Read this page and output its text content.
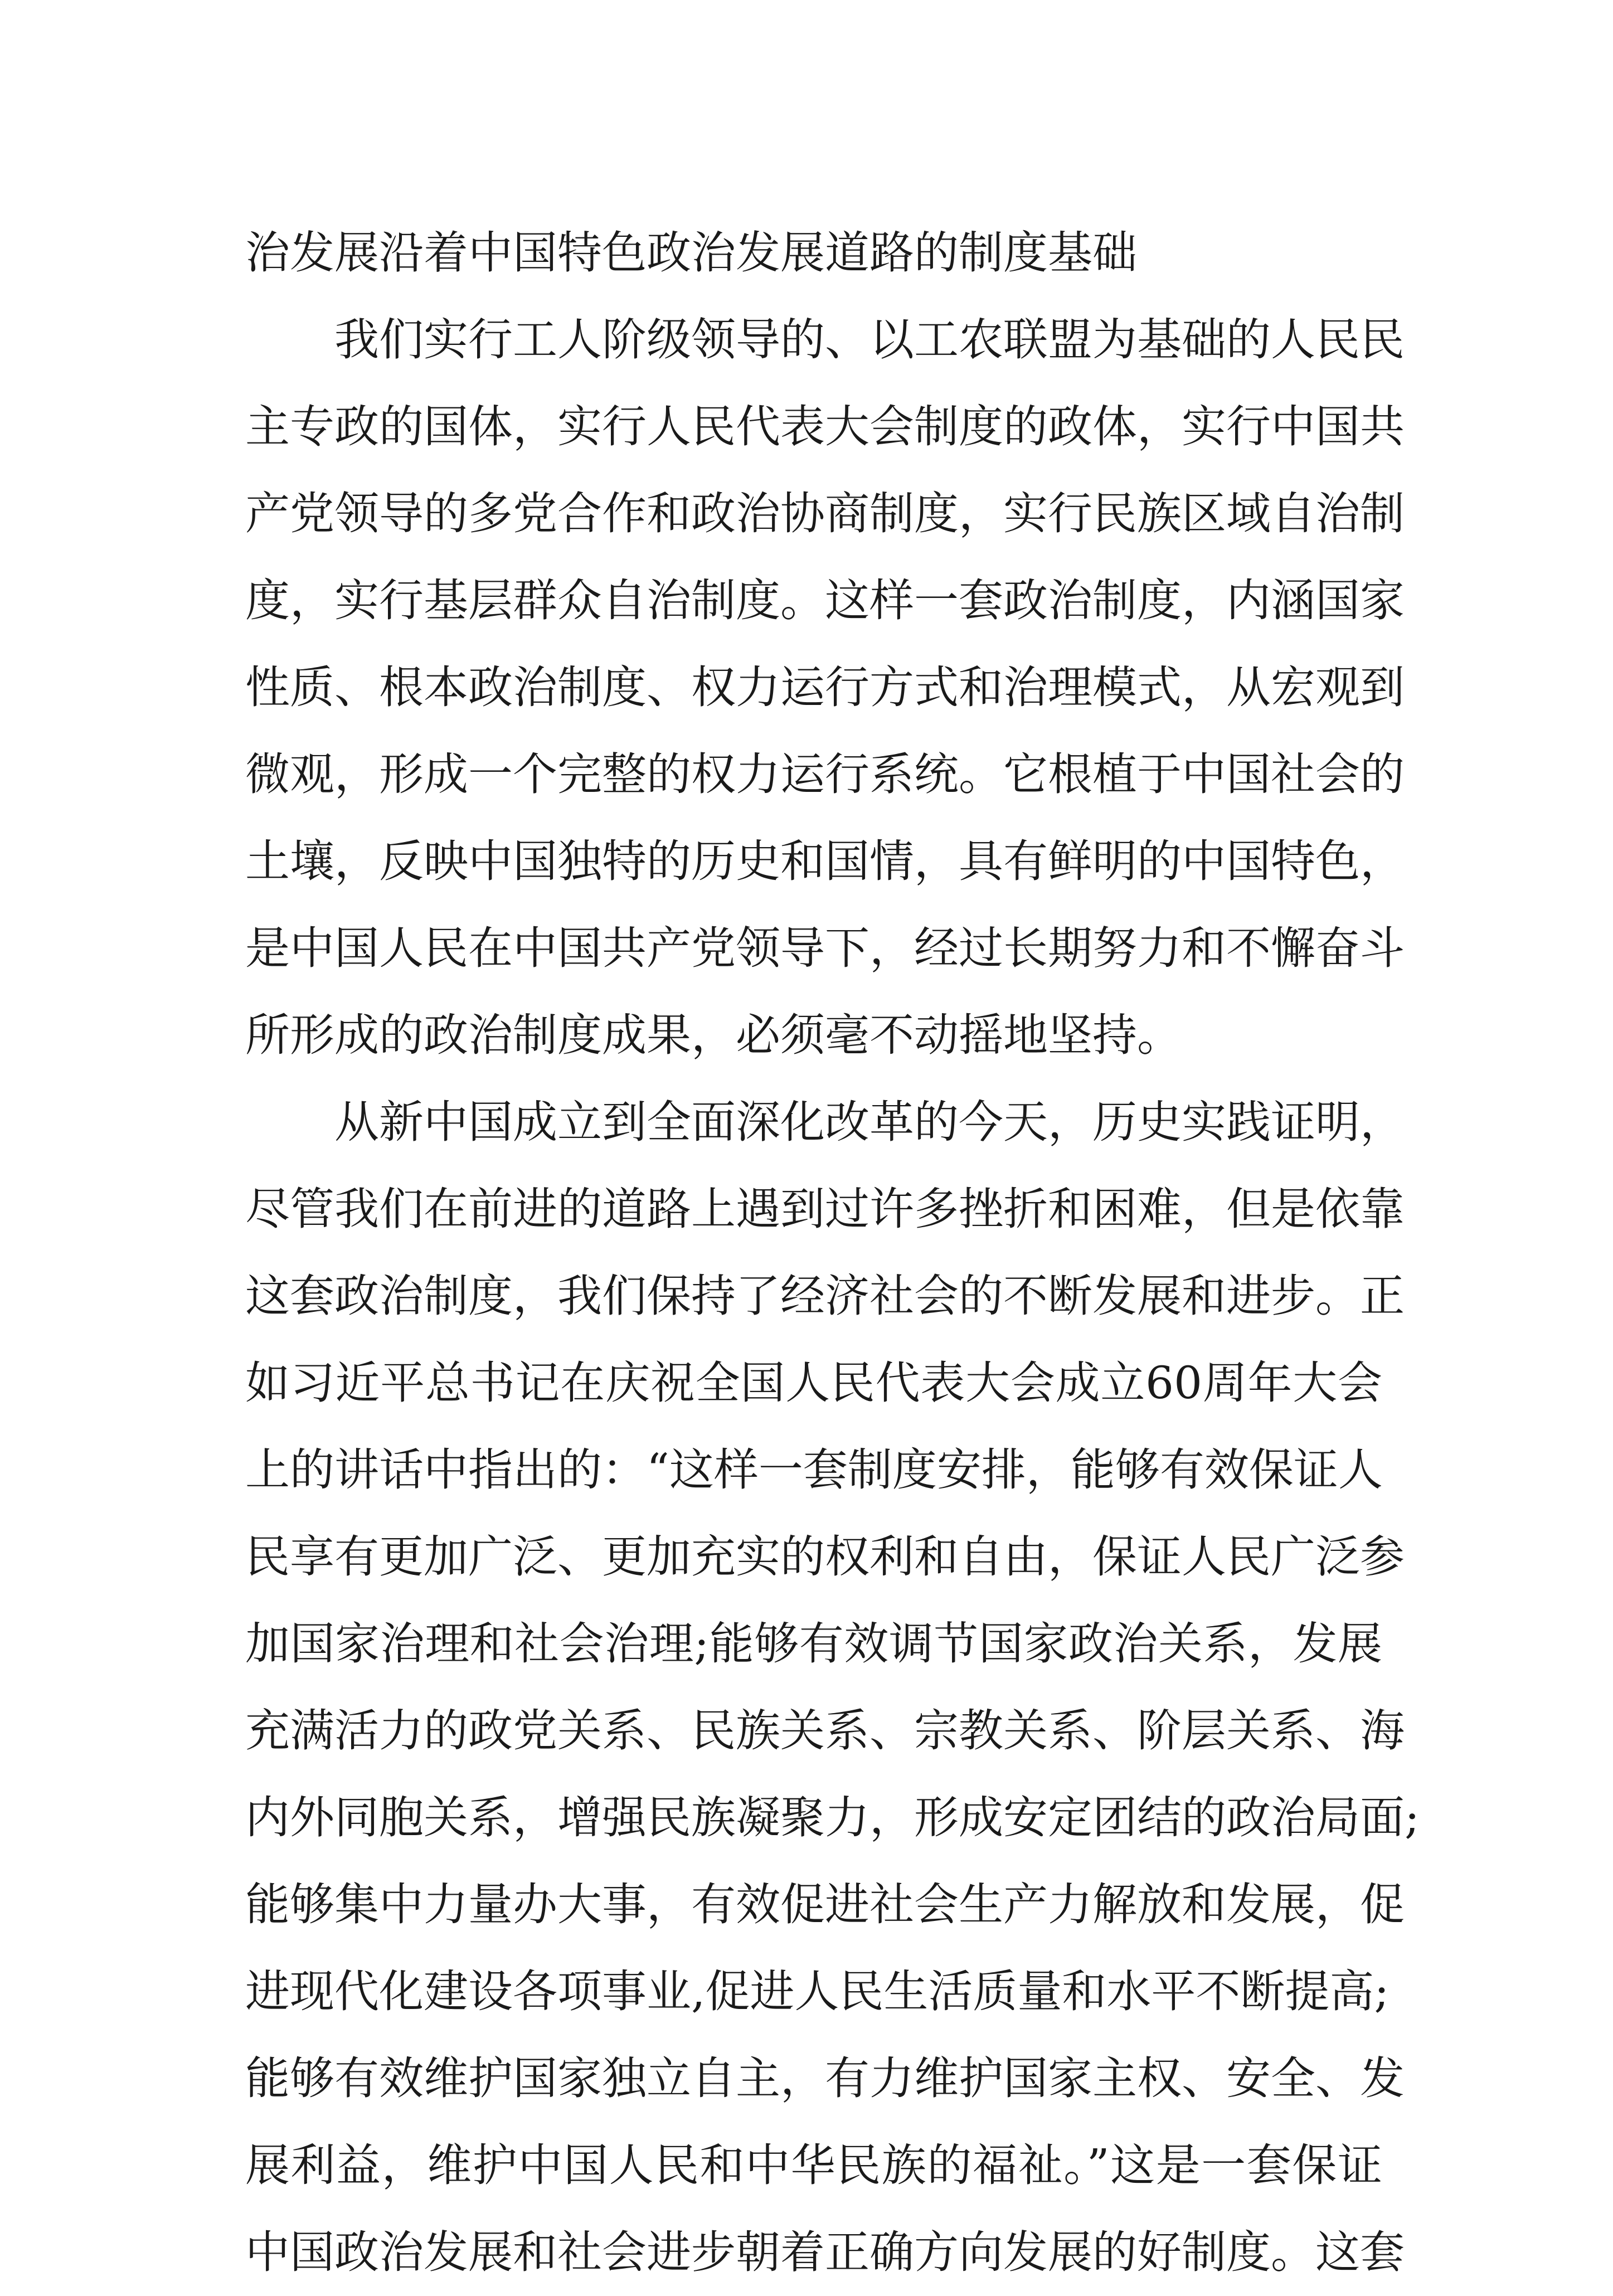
治发展沿着中国特色政治发展道路的制度基础
　　我们实行工人阶级领导的、以工农联盟为基础的人民民
主专政的国体，实行人民代表大会制度的政体，实行中国共
产党领导的多党合作和政治协商制度，实行民族区域自治制
度，实行基层群众自治制度。这样一套政治制度，内涵国家
性质、根本政治制度、权力运行方式和治理模式，从宏观到
微观，形成一个完整的权力运行系统。它根植于中国社会的
土壤，反映中国独特的历史和国情，具有鲜明的中国特色，
是中国人民在中国共产党领导下，经过长期努力和不懈奋斗
所形成的政治制度成果，必须毫不动摇地坚持。
　　从新中国成立到全面深化改革的今天，历史实践证明，
尽管我们在前进的道路上遇到过许多挫折和困难，但是依靠
这套政治制度，我们保持了经济社会的不断发展和进步。正
如习近平总书记在庆祝全国人民代表大会成立60周年大会
上的讲话中指出的：“这样一套制度安排，能够有效保证人
民享有更加广泛、更加充实的权利和自由，保证人民广泛参
加国家治理和社会治理;能够有效调节国家政治关系，发展
充满活力的政党关系、民族关系、宗教关系、阶层关系、海
内外同胞关系，增强民族凝聚力，形成安定团结的政治局面;
能够集中力量办大事，有效促进社会生产力解放和发展，促
进现代化建设各项事业,促进人民生活质量和水平不断提高;
能够有效维护国家独立自主，有力维护国家主权、安全、发
展利益，维护中国人民和中华民族的福祉。”这是一套保证
中国政治发展和社会进步朝着正确方向发展的好制度。这套
